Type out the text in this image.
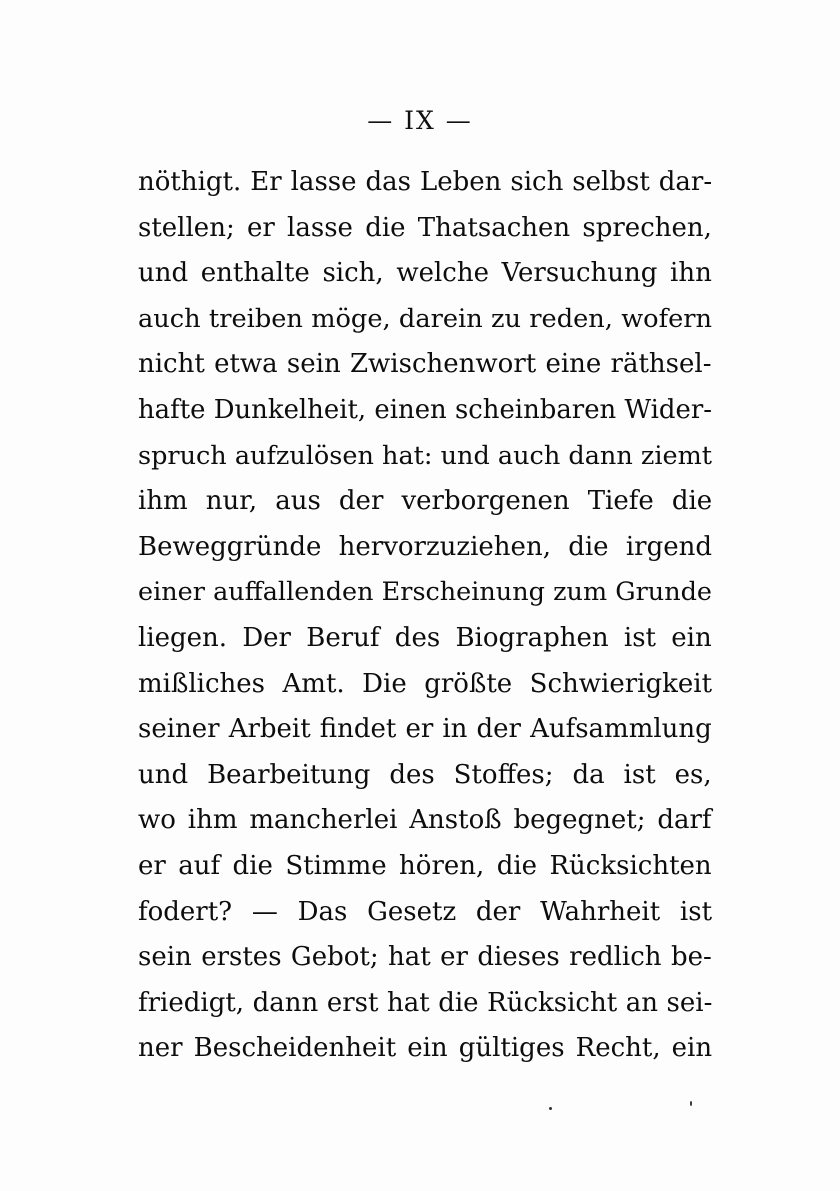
— IX —
nöthigt. Er lasse das Leben sich selbst dar-
stellen; er lasse die Thatsachen sprechen,
und enthalte sich, welche Versuchung ihn
auch treiben möge, darein zu reden, wofern
nicht etwa sein Zwischenwort eine räthsel-
hafte Dunkelheit, einen scheinbaren Wider-
spruch aufzulösen hat: und auch dann ziemt
ihm nur, aus der verborgenen Tiefe die
Beweggründe hervorzuziehen, die irgend
einer auffallenden Erscheinung zum Grunde
liegen. Der Beruf des Biographen ist ein
mißliches Amt. Die größte Schwierigkeit
seiner Arbeit findet er in der Aufsammlung
und Bearbeitung des Stoffes; da ist es,
wo ihm mancherlei Anstoß begegnet; darf
er auf die Stimme hören, die Rücksichten
fodert? — Das Gesetz der Wahrheit ist
sein erstes Gebot; hat er dieses redlich be-
friedigt, dann erst hat die Rücksicht an sei-
ner Bescheidenheit ein gültiges Recht, ein
